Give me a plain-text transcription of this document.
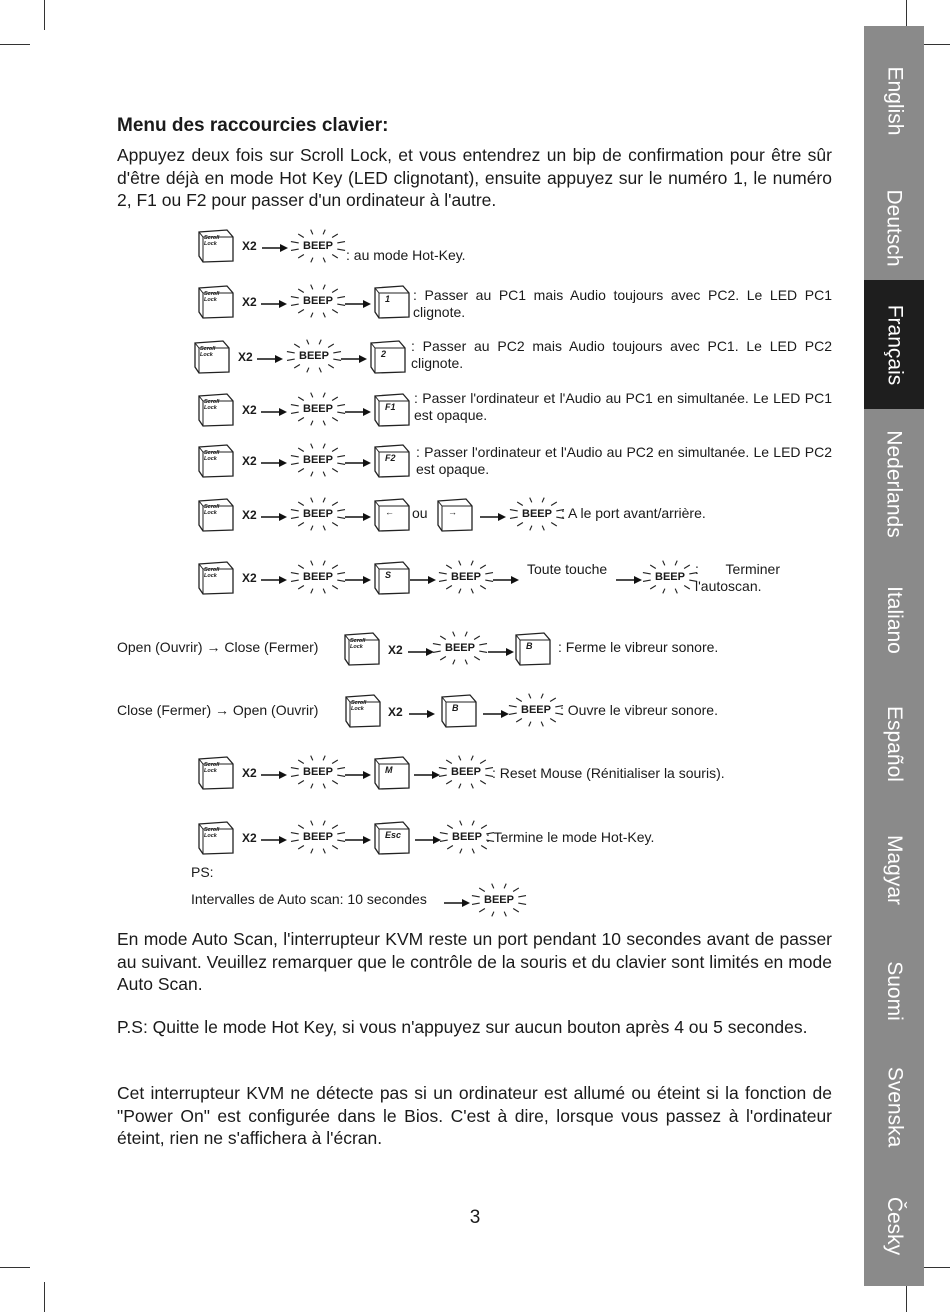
English
Deutsch
Français
Nederlands
Italiano
Español
Magyar
Suomi
Svenska
Česky
Menu des raccourcies clavier:
Appuyez deux fois sur Scroll Lock, et vous entendrez un bip de confirmation pour être sûr d'être déjà en mode Hot Key (LED clignotant), ensuite appuyez sur le numéro 1, le numéro 2, F1 ou F2 pour passer d'un ordinateur à l'autre.
Scroll
Lock X2	BEEP
: au mode Hot-Key.
Scroll
Lock X2	BEEP	1 : Passer au PC1 mais Audio toujours avec PC2. Le LED PC1 clignote.
Scroll
Lock X2	BEEP	2 : Passer au PC2 mais Audio toujours avec PC1. Le LED PC2 clignote.
Scroll
Lock X2	BEEP	F1
: Passer l'ordinateur et l'Audio au PC1 en simultanée. Le LED PC1 est opaque.
Scroll
Lock X2	BEEP	F2 : Passer l'ordinateur et l'Audio au PC2 en simultanée. Le LED PC2 est opaque.
Scroll
Lock X2	BEEP	← ou →	BEEP : A le port avant/arrière.
Scroll
Lock X2	BEEP	S	BEEP	Toute touche	BEEP : Terminer l'autoscan.
Open (Ouvrir) → Close (Fermer)	Scroll
Lock X2	BEEP	B : Ferme le vibreur sonore.
Close (Fermer) → Open (Ouvrir)	Scroll
Lock X2	B	BEEP : Ouvre le vibreur sonore.
Scroll
Lock X2	BEEP	M	BEEP : Reset Mouse (Rénitialiser la souris).
Scroll
Lock X2	BEEP	Esc	BEEP : Termine le mode Hot-Key.
BEEP
PS:
Intervalles de Auto scan: 10 secondes
En mode Auto Scan, l'interrupteur KVM reste un port pendant 10 secondes avant de passer au suivant. Veuillez remarquer que le contrôle de la souris et du clavier sont limités en mode Auto Scan.
P.S: Quitte le mode Hot Key, si vous n'appuyez sur aucun bouton après 4 ou 5 secondes.
Cet interrupteur KVM ne détecte pas si un ordinateur est allumé ou éteint si la fonction de "Power On" est configurée dans le Bios. C'est à dire, lorsque vous passez à l'ordinateur éteint, rien ne s'affichera à l'écran.
3
